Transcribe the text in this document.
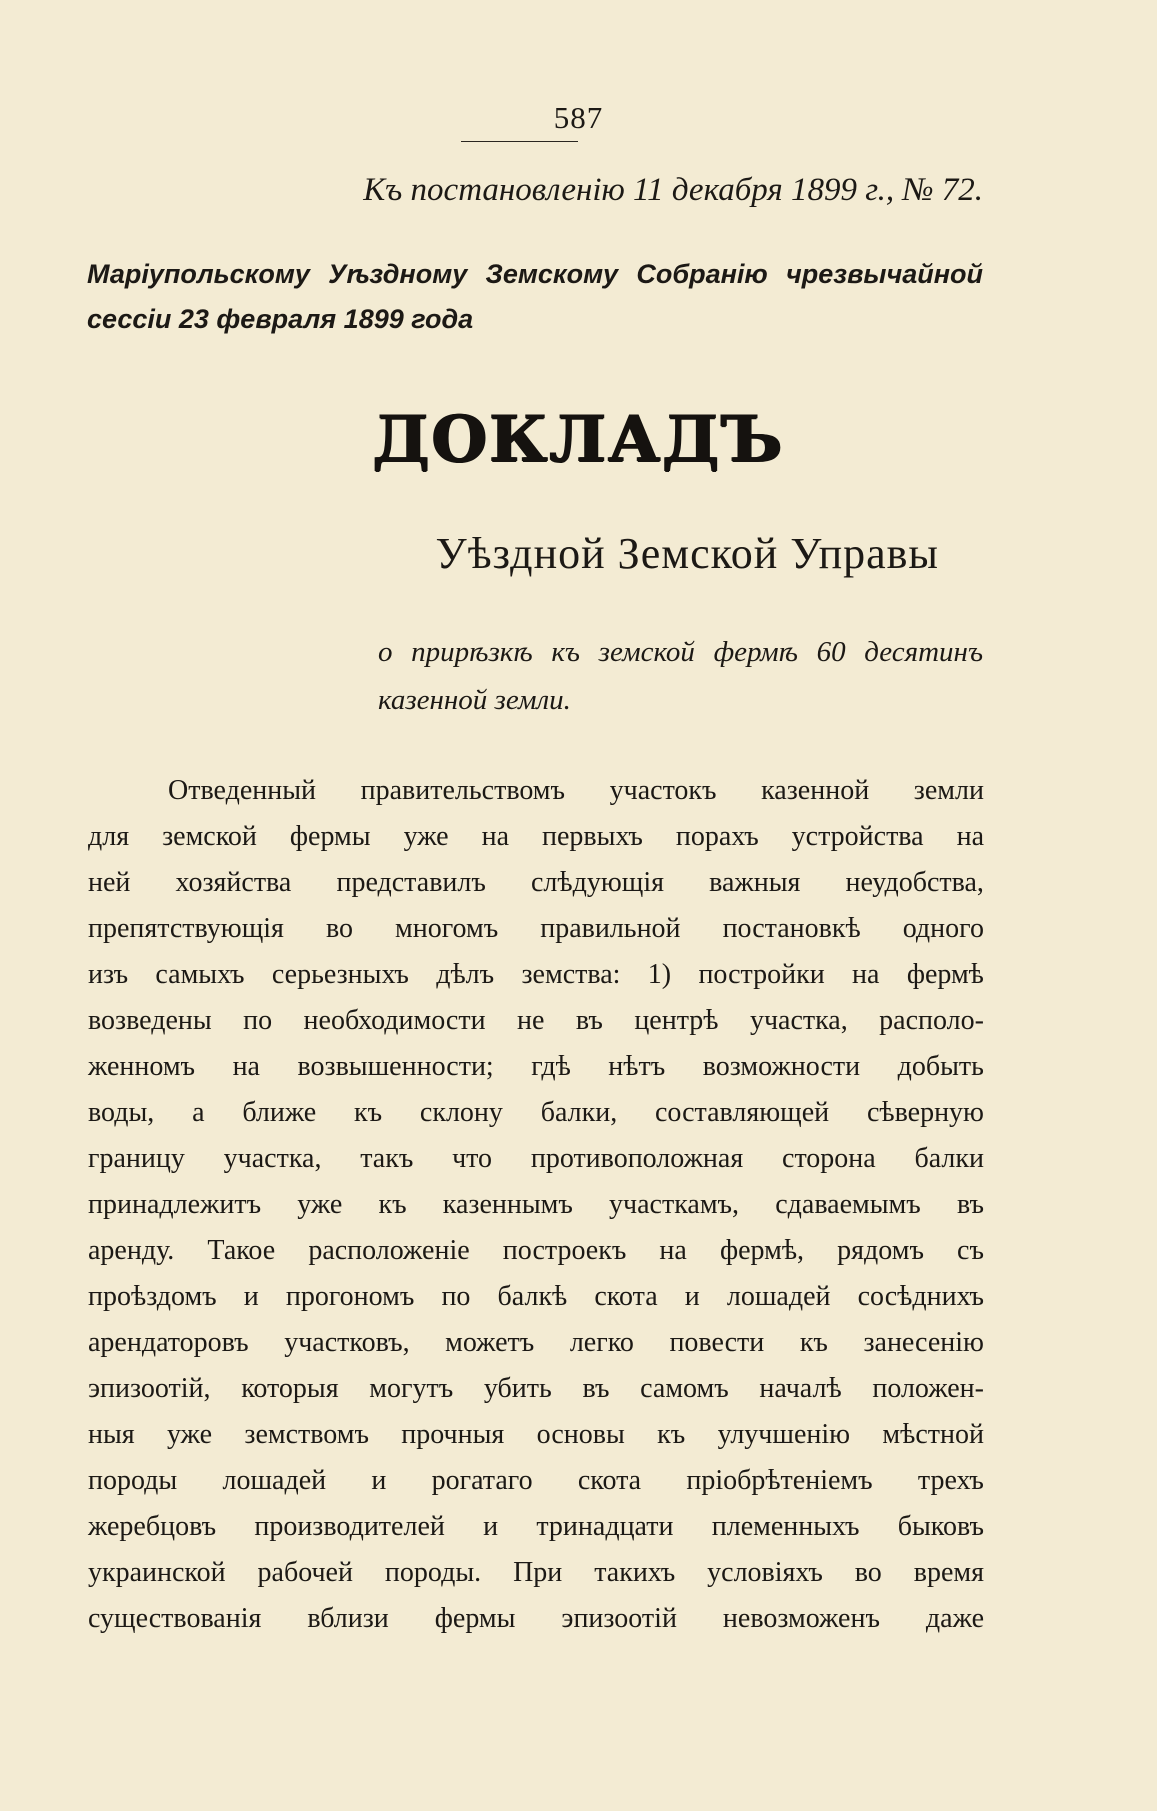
587
Къ постановленію 11 декабря 1899 г., № 72.
Маріупольскому Уѣздному Земскому Собранію чрезвычайной сессіи 23 февраля 1899 года
ДОКЛАДЪ
Уѣздной Земской Управы
о прирѣзкѣ къ земской фермѣ 60 десятинъ казенной земли.
Отведенный правительствомъ участокъ казенной земли
для земской фермы уже на первыхъ порахъ устройства на
ней хозяйства представилъ слѣдующія важныя неудобства,
препятствующія во многомъ правильной постановкѣ одного
изъ самыхъ серьезныхъ дѣлъ земства: 1) постройки на фермѣ
возведены по необходимости не въ центрѣ участка, располо-
женномъ на возвышенности; гдѣ нѣтъ возможности добыть
воды, а ближе къ склону балки, составляющей сѣверную
границу участка, такъ что противоположная сторона балки
принадлежитъ уже къ казеннымъ участкамъ, сдаваемымъ въ
аренду. Такое расположеніе построекъ на фермѣ, рядомъ съ
проѣздомъ и прогономъ по балкѣ скота и лошадей сосѣднихъ
арендаторовъ участковъ, можетъ легко повести къ занесенію
эпизоотій, которыя могутъ убить въ самомъ началѣ положен-
ныя уже земствомъ прочныя основы къ улучшенію мѣстной
породы лошадей и рогатаго скота пріобрѣтеніемъ трехъ
жеребцовъ производителей и тринадцати племенныхъ быковъ
украинской рабочей породы. При такихъ условіяхъ во время
существованія вблизи фермы эпизоотій невозможенъ даже
